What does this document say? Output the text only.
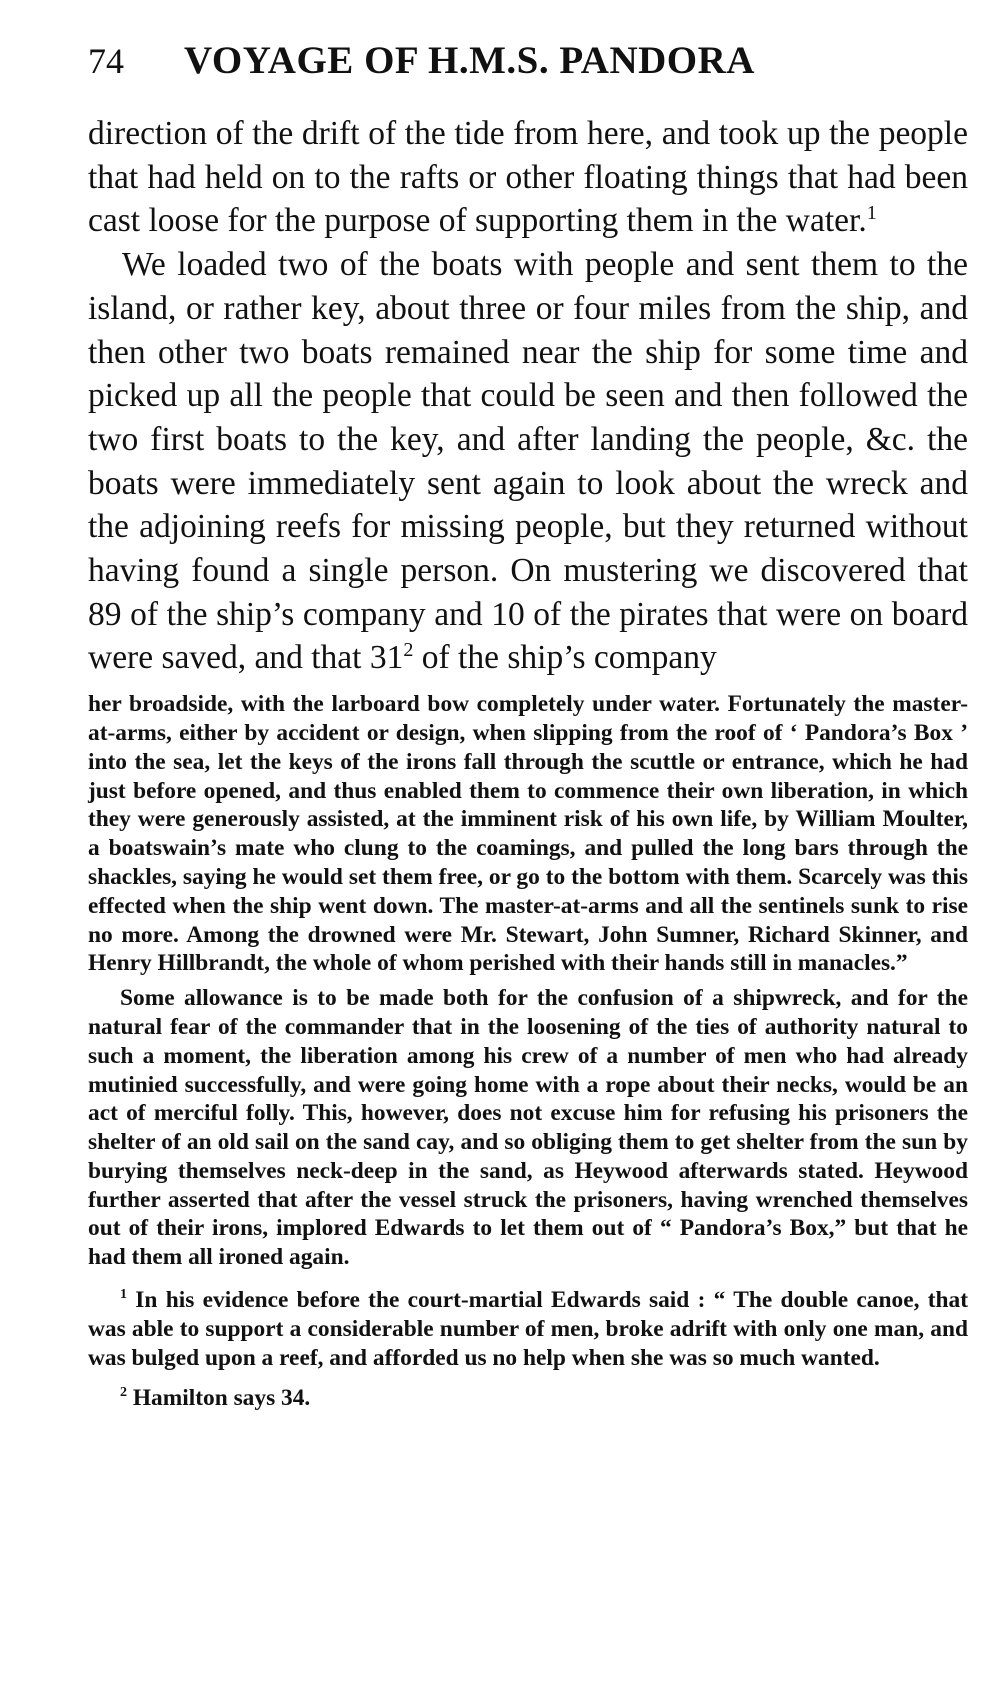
74 VOYAGE OF H.M.S. PANDORA

direction of the drift of the tide from here, and took up the people that had held on to the rafts or other floating things that had been cast loose for the purpose of supporting them in the water.$^1$

We loaded two of the boats with people and sent them to the island, or rather key, about three or four miles from the ship, and then other two boats remained near the ship for some time and picked up all the people that could be seen and then followed the two first boats to the key, and after landing the people, &c. the boats were immediately sent again to look about the wreck and the adjoining reefs for missing people, but they returned without having found a single person. On mustering we discovered that 89 of the ship’s company and 10 of the pirates that were on board were saved, and that $31^2$ of the ship’s company

her broadside, with the larboard bow completely under water. Fortunately the master-at-arms, either by accident or design, when slipping from the roof of ‘ Pandora’s Box ’ into the sea, let the keys of the irons fall through the scuttle or entrance, which he had just before opened, and thus enabled them to commence their own liberation, in which they were generously assisted, at the imminent risk of his own life, by William Moulter, a boatswain’s mate who clung to the coamings, and pulled the long bars through the shackles, saying he would set them free, or go to the bottom with them. Scarcely was this effected when the ship went down. The master-at-arms and all the sentinels sunk to rise no more. Among the drowned were Mr. Stewart, John Sumner, Richard Skinner, and Henry Hillbrandt, the whole of whom perished with their hands still in manacles.”

Some allowance is to be made both for the confusion of a shipwreck, and for the natural fear of the commander that in the loosening of the ties of authority natural to such a moment, the liberation among his crew of a number of men who had already mutinied successfully, and were going home with a rope about their necks, would be an act of merciful folly. This, however, does not excuse him for refusing his prisoners the shelter of an old sail on the sand cay, and so obliging them to get shelter from the sun by burying themselves neck-deep in the sand, as Heywood afterwards stated. Heywood further asserted that after the vessel struck the prisoners, having wrenched themselves out of their irons, implored Edwards to let them out of “ Pandora’s Box,” but that he had them all ironed again.

$^1$ In his evidence before the court-martial Edwards said : “ The double canoe, that was able to support a considerable number of men, broke adrift with only one man, and was bulged upon a reef, and afforded us no help when she was so much wanted.

$^2$ Hamilton says 34.
